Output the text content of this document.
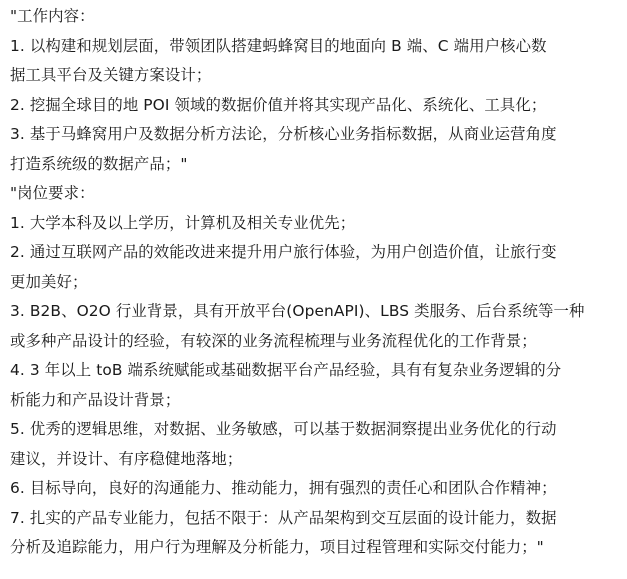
"工作内容：

1. 以构建和规划层面，带领团队搭建蚂蜂窝目的地面向 B 端、C 端用户核心数

据工具平台及关键方案设计；

2. 挖掘全球目的地 POI 领域的数据价值并将其实现产品化、系统化、工具化；

3. 基于马蜂窝用户及数据分析方法论，分析核心业务指标数据，从商业运营角度

打造系统级的数据产品；"

"岗位要求：

1. 大学本科及以上学历，计算机及相关专业优先；

2. 通过互联网产品的效能改进来提升用户旅行体验，为用户创造价值，让旅行变

更加美好；

3. B2B、O2O 行业背景，具有开放平台(OpenAPI)、LBS 类服务、后台系统等一种

或多种产品设计的经验，有较深的业务流程梳理与业务流程优化的工作背景；

4. 3 年以上 toB 端系统赋能或基础数据平台产品经验，具有有复杂业务逻辑的分

析能力和产品设计背景；

5. 优秀的逻辑思维，对数据、业务敏感，可以基于数据洞察提出业务优化的行动

建议，并设计、有序稳健地落地；

6. 目标导向，良好的沟通能力、推动能力，拥有强烈的责任心和团队合作精神；

7. 扎实的产品专业能力，包括不限于：从产品架构到交互层面的设计能力，数据

分析及追踪能力，用户行为理解及分析能力，项目过程管理和实际交付能力；"
